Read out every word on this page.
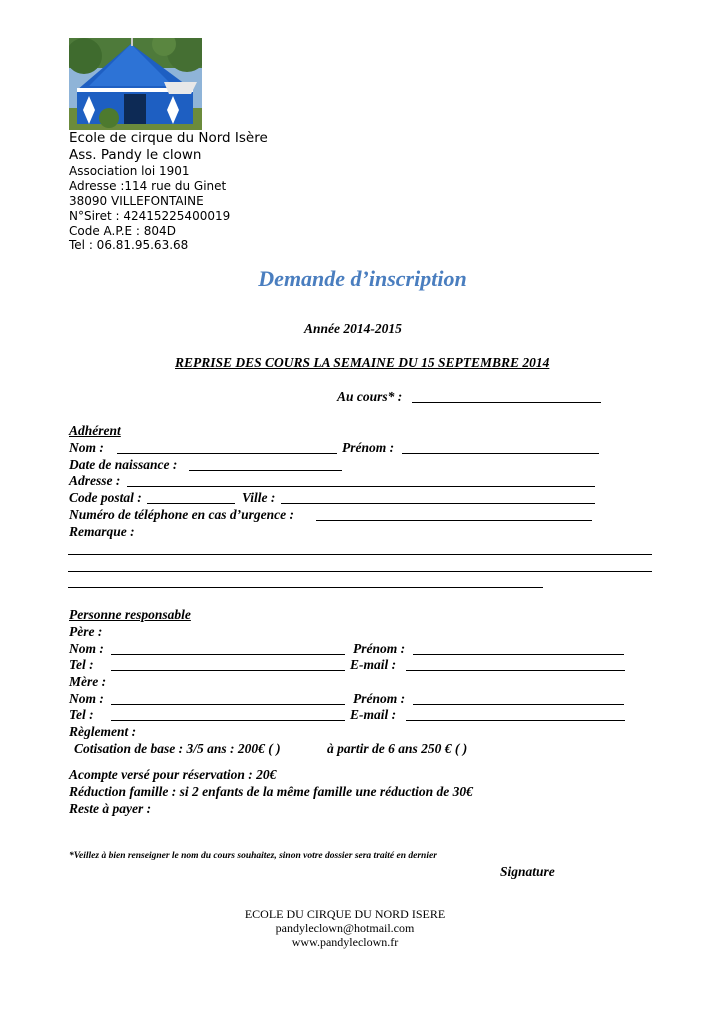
Ecole de cirque du Nord Isère
Ass. Pandy le clown
Association loi 1901
Adresse :114 rue du Ginet
38090 VILLEFONTAINE
N°Siret : 42415225400019
Code A.P.E : 804D
Tel : 06.81.95.63.68
Demande d’inscription
Année 2014-2015
REPRISE DES COURS LA SEMAINE DU 15 SEPTEMBRE 2014
Au cours* :
Adhérent
Nom :	Prénom :
Date de naissance :
Adresse :
Code postal :	Ville :
Numéro de téléphone en cas d’urgence :
Remarque :
Personne responsable
Père :
Nom :	Prénom :
Tel :	E-mail :
Mère :
Nom :	Prénom :
Tel :	E-mail :
Règlement :
Cotisation de base : 3/5 ans : 200€ ( )	à partir de 6 ans 250 € ( )
Acompte versé pour réservation : 20€
Réduction famille : si 2 enfants de la même famille une réduction de 30€
Reste à payer :
*Veillez à bien renseigner le nom du cours souhaitez, sinon votre dossier sera traité en dernier
Signature
ECOLE DU CIRQUE DU NORD ISERE
pandyleclown@hotmail.com
www.pandyleclown.fr
